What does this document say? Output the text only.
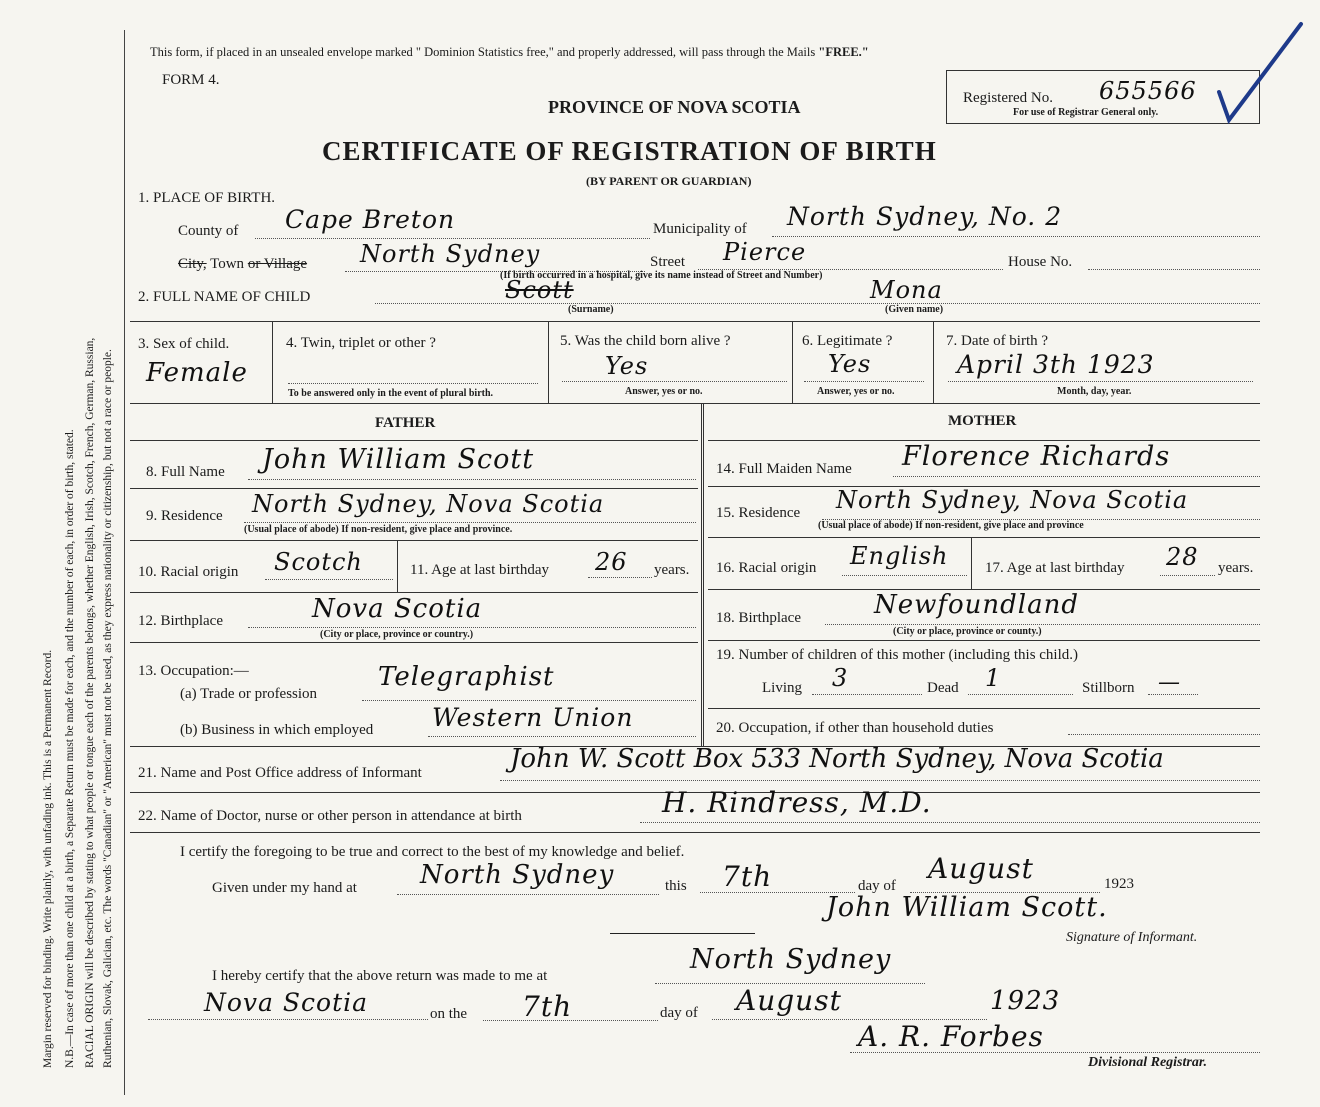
Margin reserved for binding. Write plainly, with unfading ink. This is a Permanent Record. N.B.—In case of more than one child at a birth, a Separate Return must be made for each, and the number of each, in order of birth, stated. RACIAL ORIGIN will be described by stating to what people or tongue each of the parents belongs, whether English, Irish, Scotch, French, German, Russian, Ruthenian, Slovak, Galician, etc. The words "Canadian" or "American" must not be used, as they express nationality or citizenship, but not a race or people.
This form, if placed in an unsealed envelope marked " Dominion Statistics free," and properly addressed, will pass through the Mails "FREE."
FORM 4.
PROVINCE OF NOVA SCOTIA
CERTIFICATE OF REGISTRATION OF BIRTH
(BY PARENT OR GUARDIAN)
Registered No. 655566
For use of Registrar General only.
1. PLACE OF BIRTH.
County of Cape Breton	Municipality of North Sydney, No. 2
City, Town or Village North Sydney	Street Pierce	House No.
(If birth occurred in a hospital, give its name instead of Street and Number)
2. FULL NAME OF CHILD	Scott
(Surname)
Mona
(Given name)
3. Sex of child.
Female
4. Twin, triplet or other ?
To be answered only in the event of plural birth.
5. Was the child born alive ?
Yes
Answer, yes or no.
6. Legitimate ?
Yes
Answer, yes or no.
7. Date of birth ?
April 3th 1923
Month, day, year.
FATHER	MOTHER
8. Full Name John William Scott
9. Residence North Sydney, Nova Scotia
(Usual place of abode) If non-resident, give place and province.
10. Racial origin Scotch	11. Age at last birthday 26 years.
12. Birthplace	Nova Scotia
(City or place, province or country.)
13. Occupation:—
(a) Trade or profession
Telegraphist
(b) Business in which employed Western Union
14. Full Maiden Name Florence Richards
15. Residence North Sydney, Nova Scotia
(Usual place of abode) If non-resident, give place and province
16. Racial origin English 17. Age at last birthday 28 years.
18. Birthplace	Newfoundland
(City or place, province or county.)
19. Number of children of this mother (including this child.)
Living 3	Dead 1	Stillborn —
20. Occupation, if other than household duties
21. Name and Post Office address of Informant	John W. Scott Box 533 North Sydney, Nova Scotia
22. Name of Doctor, nurse or other person in attendance at birth	H. Rindress, M.D.
I certify the foregoing to be true and correct to the best of my knowledge and belief.
Given under my hand at North Sydney	this 7th	day of
August	1923
John William Scott.
Signature of Informant.
I hereby certify that the above return was made to me at
North Sydney
Nova Scotia	on the 7th	day of August	1923
A. R. Forbes
Divisional Registrar.
